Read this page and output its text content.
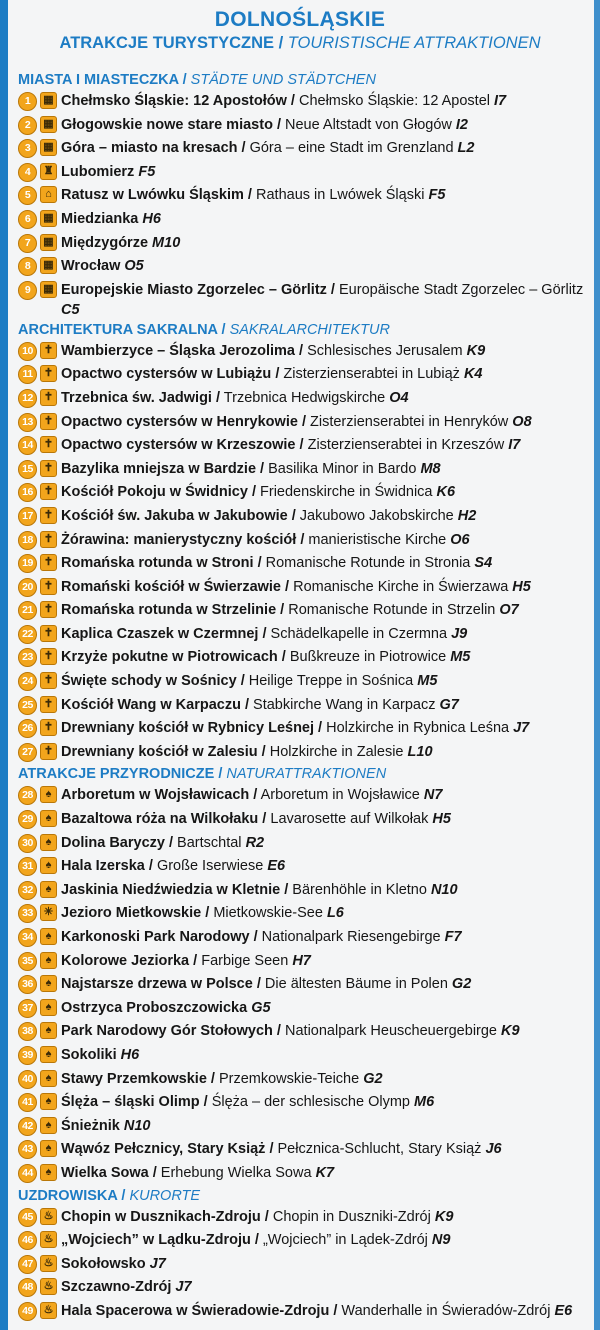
DOLNOŚLĄSKIE
ATRAKCJE TURYSTYCZNE / TOURISTISCHE ATTRAKTIONEN
MIASTA I MIASTECZKA / STÄDTE UND STÄDTCHEN
1	▦ Chełmsko Śląskie: 12 Apostołów / Chełmsko Śląskie: 12 Apostel I7
2	▦ Głogowskie nowe stare miasto / Neue Altstadt von Głogów I2
3	▦ Góra – miasto na kresach / Góra – eine Stadt im Grenzland L2
4	♜ Lubomierz F5
5	⌂ Ratusz w Lwówku Śląskim / Rathaus in Lwówek Śląski F5
6	▦ Miedzianka H6
7	▦ Międzygórze M10
8	▦ Wrocław O5
9	▦ Europejskie Miasto Zgorzelec – Görlitz / Europäische Stadt Zgorzelec – Görlitz C5
ARCHITEKTURA SAKRALNA / SAKRALARCHITEKTUR
10	✝ Wambierzyce – Śląska Jerozolima / Schlesisches Jerusalem K9
11	✝ Opactwo cystersów w Lubiążu / Zisterzienserabtei in Lubiąż K4
12	✝ Trzebnica św. Jadwigi / Trzebnica Hedwigskirche O4
13	✝ Opactwo cystersów w Henrykowie / Zisterzienserabtei in Henryków O8
14	✝ Opactwo cystersów w Krzeszowie / Zisterzienserabtei in Krzeszów I7
15	✝ Bazylika mniejsza w Bardzie / Basilika Minor in Bardo M8
16	✝ Kościół Pokoju w Świdnicy / Friedenskirche in Świdnica K6
17	✝ Kościół św. Jakuba w Jakubowie / Jakubowo Jakobskirche H2
18	✝ Żórawina: manierystyczny kościół / manieristische Kirche O6
19	✝ Romańska rotunda w Stroni / Romanische Rotunde in Stronia S4
20	✝ Romański kościół w Świerzawie / Romanische Kirche in Świerzawa H5
21	✝ Romańska rotunda w Strzelinie / Romanische Rotunde in Strzelin O7
22	✝ Kaplica Czaszek w Czermnej / Schädelkapelle in Czermna J9
23	✝ Krzyże pokutne w Piotrowicach / Bußkreuze in Piotrowice M5
24	✝ Święte schody w Sośnicy / Heilige Treppe in Sośnica M5
25	✝ Kościół Wang w Karpaczu / Stabkirche Wang in Karpacz G7
26	✝ Drewniany kościół w Rybnicy Leśnej / Holzkirche in Rybnica Leśna J7
27	✝ Drewniany kościół w Zalesiu / Holzkirche in Zalesie L10
ATRAKCJE PRZYRODNICZE / NATURATTRAKTIONEN
28	♠ Arboretum w Wojsławicach / Arboretum in Wojsławice N7
29	♠ Bazaltowa róża na Wilkołaku / Lavarosette auf Wilkołak H5
30	♠ Dolina Baryczy / Bartschtal R2
31	♠ Hala Izerska / Große Iserwiese E6
32	♠ Jaskinia Niedźwiedzia w Kletnie / Bärenhöhle in Kletno N10
33	✳ Jezioro Mietkowskie / Mietkowskie-See L6
34	♠ Karkonoski Park Narodowy / Nationalpark Riesengebirge F7
35	♠ Kolorowe Jeziorka / Farbige Seen H7
36	♠ Najstarsze drzewa w Polsce / Die ältesten Bäume in Polen G2
37	♠ Ostrzyca Proboszczowicka G5
38	♠ Park Narodowy Gór Stołowych / Nationalpark Heuscheuergebirge K9
39	♠ Sokoliki H6
40	♠ Stawy Przemkowskie / Przemkowskie-Teiche G2
41	♠ Ślęża – śląski Olimp / Ślęża – der schlesische Olymp M6
42	♠ Śnieżnik N10
43	♠ Wąwóz Pełcznicy, Stary Książ / Pełcznica-Schlucht, Stary Książ J6
44	♠ Wielka Sowa / Erhebung Wielka Sowa K7
UZDROWISKA / KURORTE
45 ♨ Chopin w Dusznikach-Zdroju / Chopin in Duszniki-Zdrój K9
46 ♨ „Wojciech” w Lądku-Zdroju / „Wojciech” in Lądek-Zdrój N9
47 ♨ Sokołowsko J7
48 ♨ Szczawno-Zdrój J7
49 ♨ Hala Spacerowa w Świeradowie-Zdroju / Wanderhalle in Świeradów-Zdrój E6
